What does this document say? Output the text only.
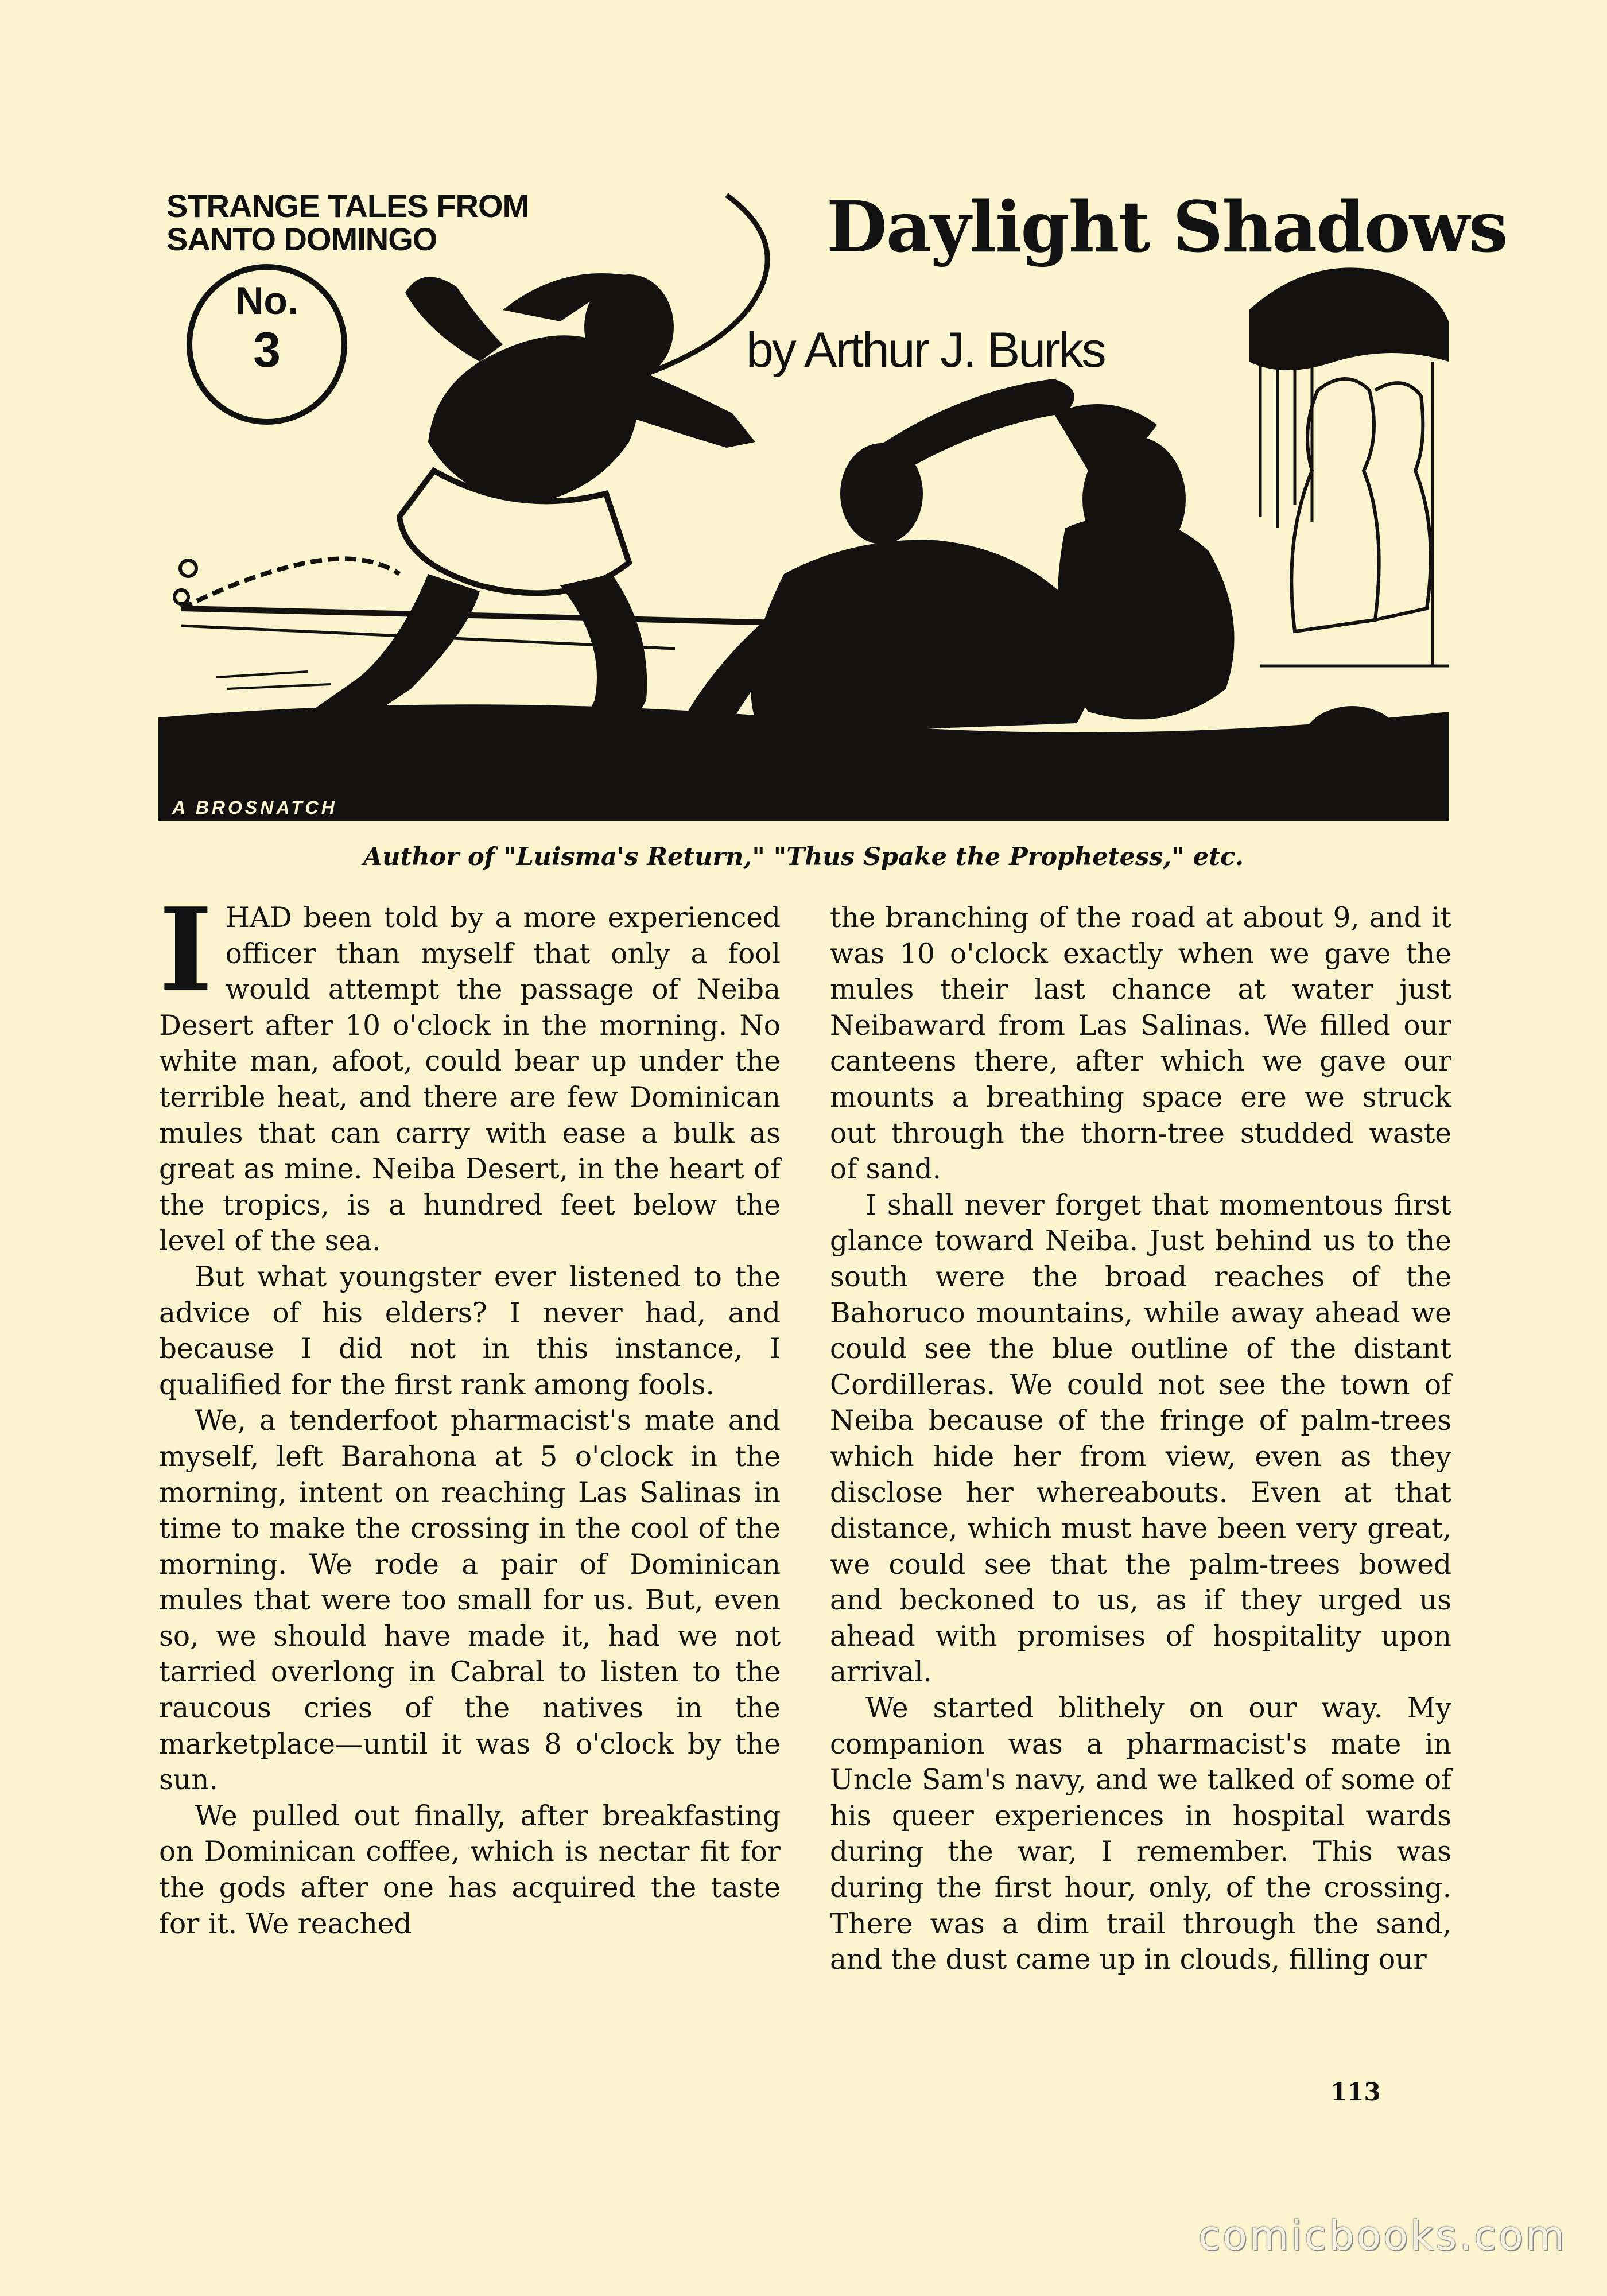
STRANGE TALES FROM
SANTO DOMINGO
No.
3
Daylight Shadows
by Arthur J. Burks
A BROSNATCH
Author of "Luisma's Return," "Thus Spake the Prophetess," etc.

IHAD been told by a more experienced officer than myself that only a fool would attempt the passage of Neiba Desert after 10 o'clock in the morning. No white man, afoot, could bear up under the terrible heat, and there are few Dominican mules that can carry with ease a bulk as great as mine. Neiba Desert, in the heart of the tropics, is a hundred feet below the level of the sea.

But what youngster ever listened to the advice of his elders? I never had, and because I did not in this instance, I qualified for the first rank among fools.

We, a tenderfoot pharmacist's mate and myself, left Barahona at 5 o'clock in the morning, intent on reaching Las Salinas in time to make the crossing in the cool of the morning. We rode a pair of Dominican mules that were too small for us. But, even so, we should have made it, had we not tarried overlong in Cabral to listen to the raucous cries of the natives in the marketplace—until it was 8 o'clock by the sun.

We pulled out finally, after breakfasting on Dominican coffee, which is nectar fit for the gods after one has acquired the taste for it. We reached

the branching of the road at about 9, and it was 10 o'clock exactly when we gave the mules their last chance at water just Neibaward from Las Salinas. We filled our canteens there, after which we gave our mounts a breathing space ere we struck out through the thorn-tree studded waste of sand.

I shall never forget that momentous first glance toward Neiba. Just behind us to the south were the broad reaches of the Bahoruco mountains, while away ahead we could see the blue outline of the distant Cordilleras. We could not see the town of Neiba because of the fringe of palm-trees which hide her from view, even as they disclose her whereabouts. Even at that distance, which must have been very great, we could see that the palm-trees bowed and beckoned to us, as if they urged us ahead with promises of hospitality upon arrival.

We started blithely on our way. My companion was a pharmacist's mate in Uncle Sam's navy, and we talked of some of his queer experiences in hospital wards during the war, I remember. This was during the first hour, only, of the crossing. There was a dim trail through the sand, and the dust came up in clouds, filling our

113
comicbooks.com
